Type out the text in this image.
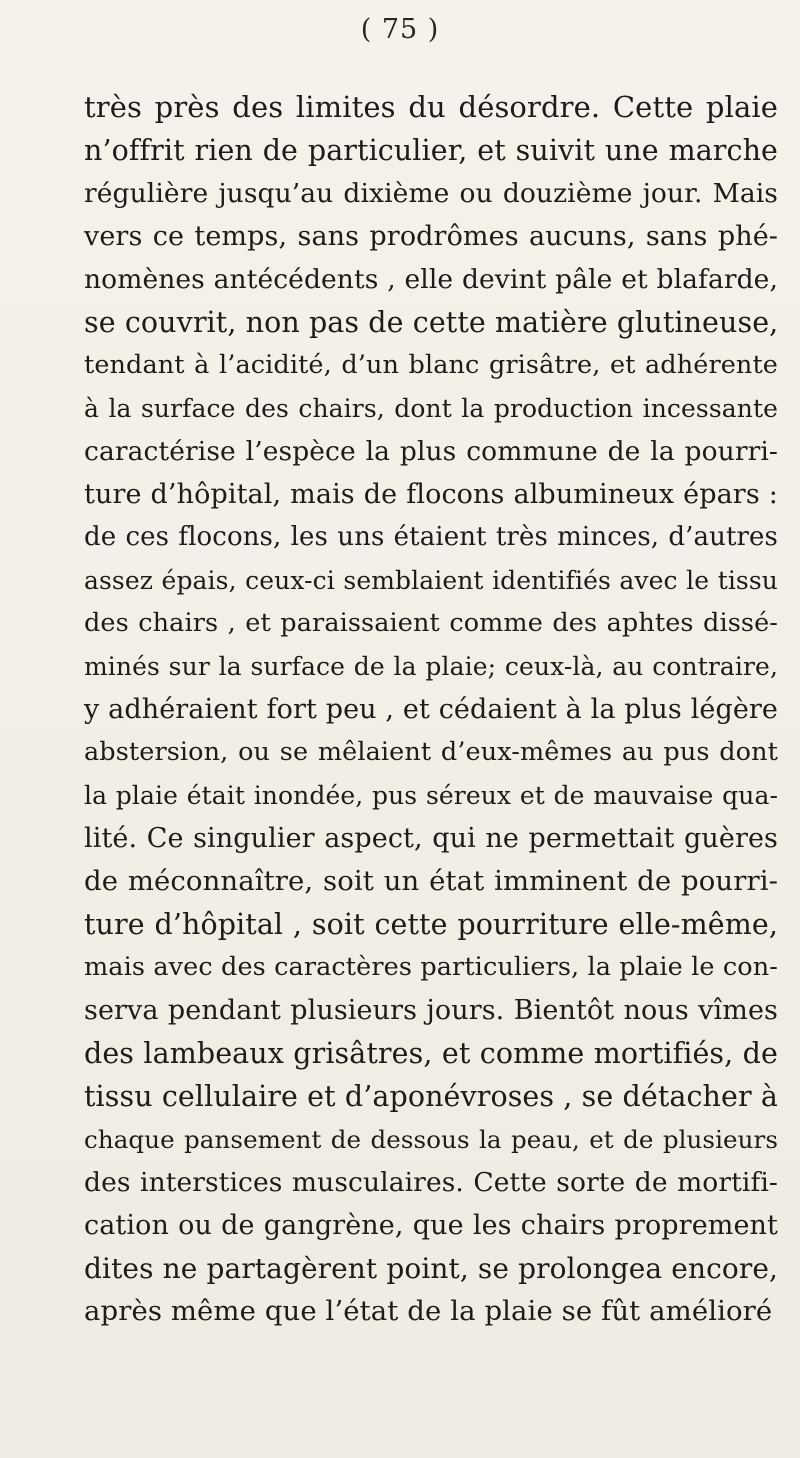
( 75 )
très près des limites du désordre. Cette plaie
n’offrit rien de particulier, et suivit une marche
régulière jusqu’au dixième ou douzième jour. Mais
vers ce temps, sans prodrômes aucuns, sans phé-
nomènes antécédents , elle devint pâle et blafarde,
se couvrit, non pas de cette matière glutineuse,
tendant à l’acidité, d’un blanc grisâtre, et adhérente
à la surface des chairs, dont la production incessante
caractérise l’espèce la plus commune de la pourri-
ture d’hôpital, mais de flocons albumineux épars :
de ces flocons, les uns étaient très minces, d’autres
assez épais, ceux-ci semblaient identifiés avec le tissu
des chairs , et paraissaient comme des aphtes dissé-
minés sur la surface de la plaie; ceux-là, au contraire,
y adhéraient fort peu , et cédaient à la plus légère
abstersion, ou se mêlaient d’eux-mêmes au pus dont
la plaie était inondée, pus séreux et de mauvaise qua-
lité. Ce singulier aspect, qui ne permettait guères
de méconnaître, soit un état imminent de pourri-
ture d’hôpital , soit cette pourriture elle-même,
mais avec des caractères particuliers, la plaie le con-
serva pendant plusieurs jours. Bientôt nous vîmes
des lambeaux grisâtres, et comme mortifiés, de
tissu cellulaire et d’aponévroses , se détacher à
chaque pansement de dessous la peau, et de plusieurs
des interstices musculaires. Cette sorte de mortifi-
cation ou de gangrène, que les chairs proprement
dites ne partagèrent point, se prolongea encore,
après même que l’état de la plaie se fût amélioré
